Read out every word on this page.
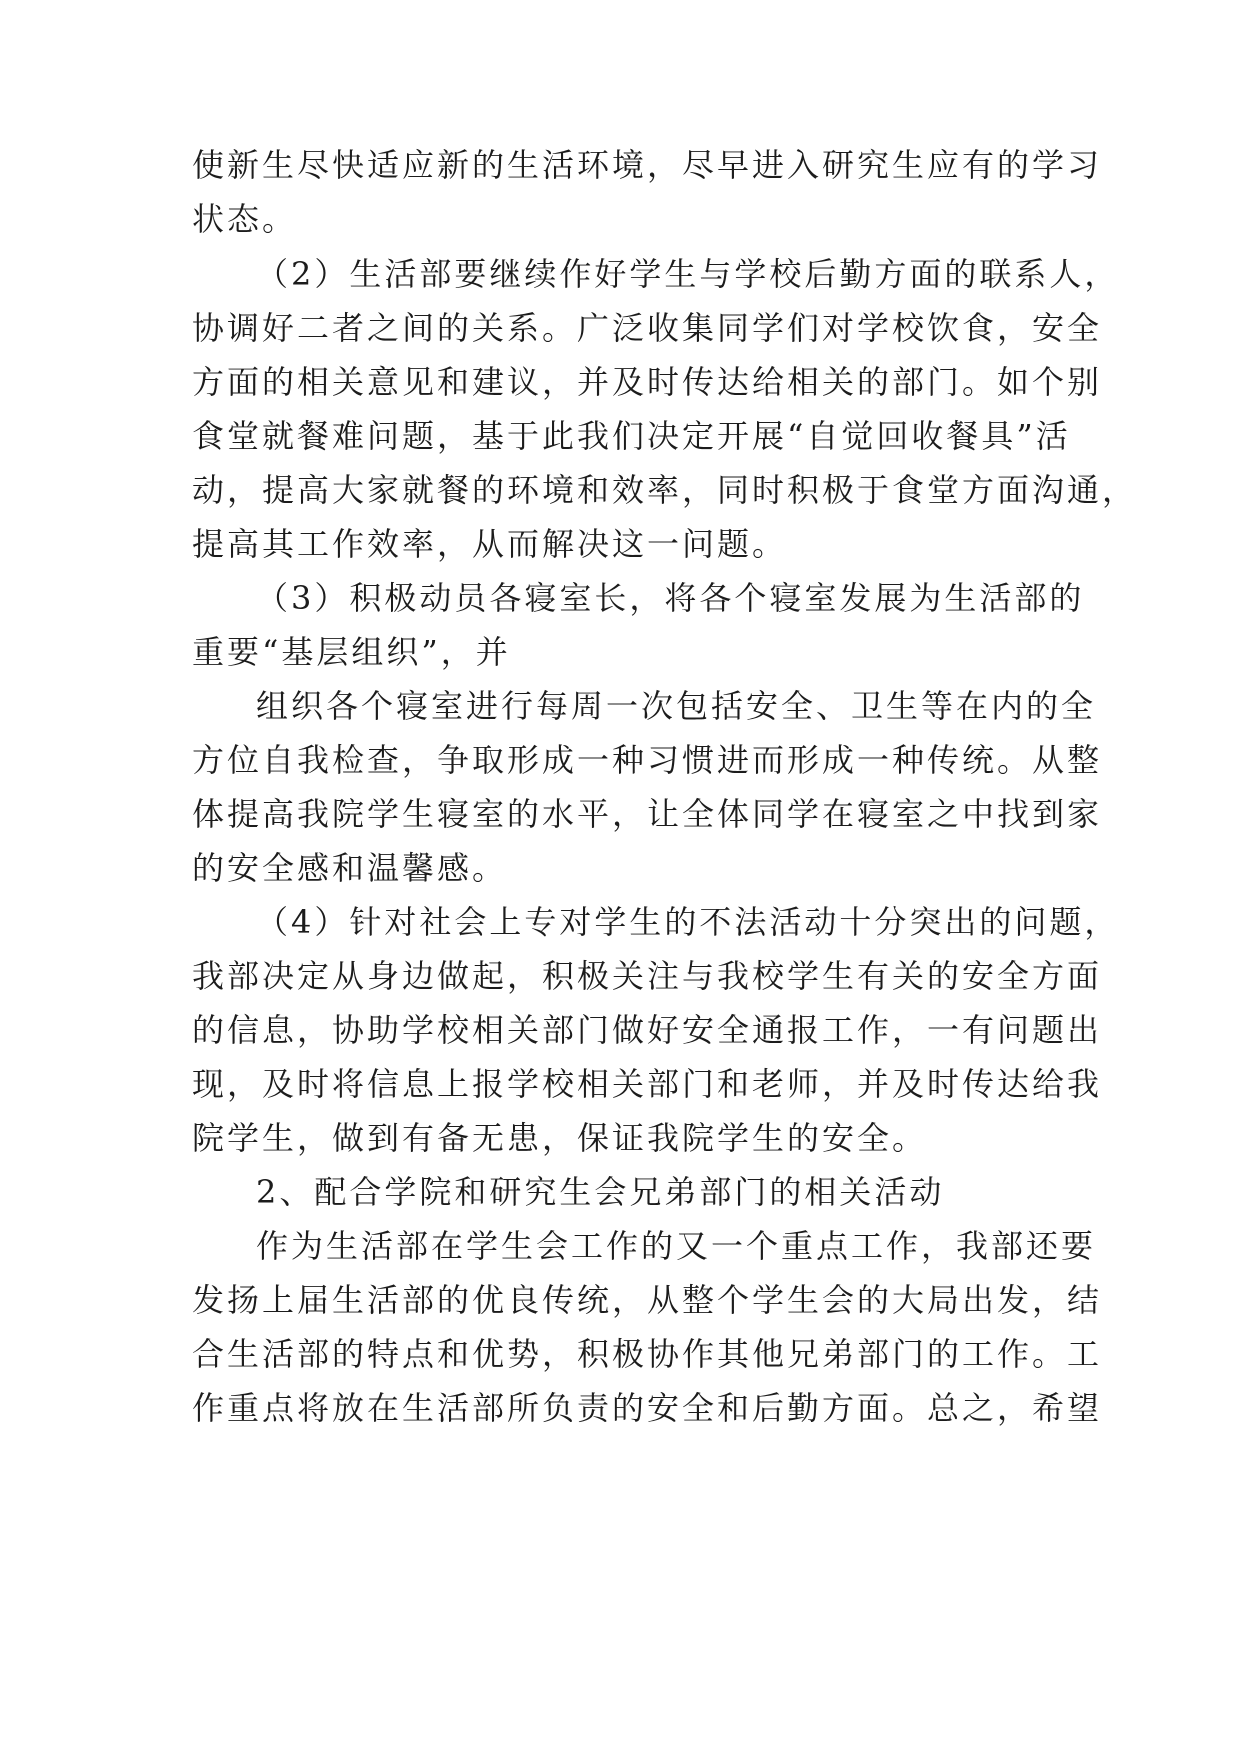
使新生尽快适应新的生活环境，尽早进入研究生应有的学习
状态。
（2）生活部要继续作好学生与学校后勤方面的联系人，
协调好二者之间的关系。广泛收集同学们对学校饮食，安全
方面的相关意见和建议，并及时传达给相关的部门。如个别
食堂就餐难问题，基于此我们决定开展“自觉回收餐具”活
动，提高大家就餐的环境和效率，同时积极于食堂方面沟通，
提高其工作效率，从而解决这一问题。
（3）积极动员各寝室长，将各个寝室发展为生活部的
重要“基层组织”，并
组织各个寝室进行每周一次包括安全、卫生等在内的全
方位自我检查，争取形成一种习惯进而形成一种传统。从整
体提高我院学生寝室的水平，让全体同学在寝室之中找到家
的安全感和温馨感。
（4）针对社会上专对学生的不法活动十分突出的问题，
我部决定从身边做起，积极关注与我校学生有关的安全方面
的信息，协助学校相关部门做好安全通报工作，一有问题出
现，及时将信息上报学校相关部门和老师，并及时传达给我
院学生，做到有备无患，保证我院学生的安全。
2、配合学院和研究生会兄弟部门的相关活动
作为生活部在学生会工作的又一个重点工作，我部还要
发扬上届生活部的优良传统，从整个学生会的大局出发，结
合生活部的特点和优势，积极协作其他兄弟部门的工作。工
作重点将放在生活部所负责的安全和后勤方面。总之，希望
